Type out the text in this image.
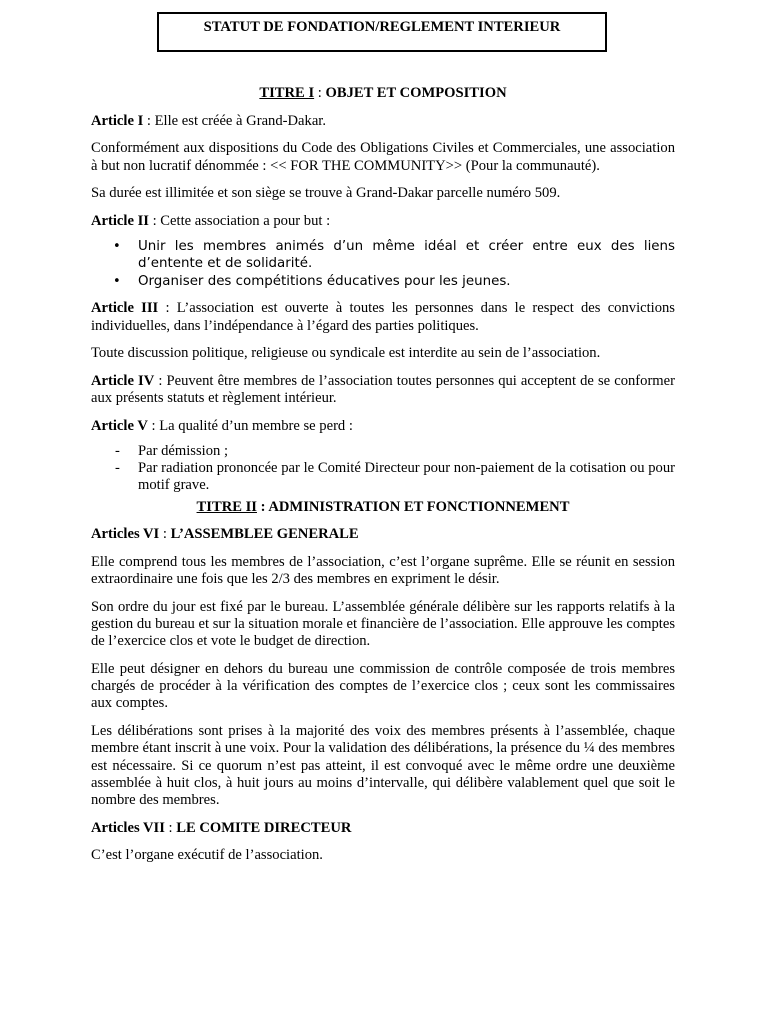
STATUT DE FONDATION/REGLEMENT INTERIEUR

TITRE I : OBJET ET COMPOSITION

Article I : Elle est créée à Grand-Dakar.

Conformément aux dispositions du Code des Obligations Civiles et Commerciales, une association à but non lucratif dénommée : << FOR THE COMMUNITY>> (Pour la communauté).

Sa durée est illimitée et son siège se trouve à Grand-Dakar parcelle numéro 509.

Article II : Cette association a pour but :

• Unir les membres animés d’un même idéal et créer entre eux des liens d’entente et de solidarité.
• Organiser des compétitions éducatives pour les jeunes.

Article III : L’association est ouverte à toutes les personnes dans le respect des convictions individuelles, dans l’indépendance à l’égard des parties politiques.

Toute discussion politique, religieuse ou syndicale est interdite au sein de l’association.

Article IV : Peuvent être membres de l’association toutes personnes qui acceptent de se conformer aux présents statuts et règlement intérieur.

Article V : La qualité d’un membre se perd :

- Par démission ;
- Par radiation prononcée par le Comité Directeur pour non-paiement de la cotisation ou pour motif grave.

TITRE II : ADMINISTRATION ET FONCTIONNEMENT

Articles VI : L’ASSEMBLEE GENERALE

Elle comprend tous les membres de l’association, c’est l’organe suprême. Elle se réunit en session extraordinaire une fois que les 2/3 des membres en expriment le désir.

Son ordre du jour est fixé par le bureau. L’assemblée générale délibère sur les rapports relatifs à la gestion du bureau et sur la situation morale et financière de l’association. Elle approuve les comptes de l’exercice clos et vote le budget de direction.

Elle peut désigner en dehors du bureau une commission de contrôle composée de trois membres chargés de procéder à la vérification des comptes de l’exercice clos ; ceux sont les commissaires aux comptes.

Les délibérations sont prises à la majorité des voix des membres présents à l’assemblée, chaque membre étant inscrit à une voix. Pour la validation des délibérations, la présence du ¼ des membres est nécessaire. Si ce quorum n’est pas atteint, il est convoqué avec le même ordre une deuxième assemblée à huit clos, à huit jours au moins d’intervalle, qui délibère valablement quel que soit le nombre des membres.

Articles VII : LE COMITE DIRECTEUR

C’est l’organe exécutif de l’association.
